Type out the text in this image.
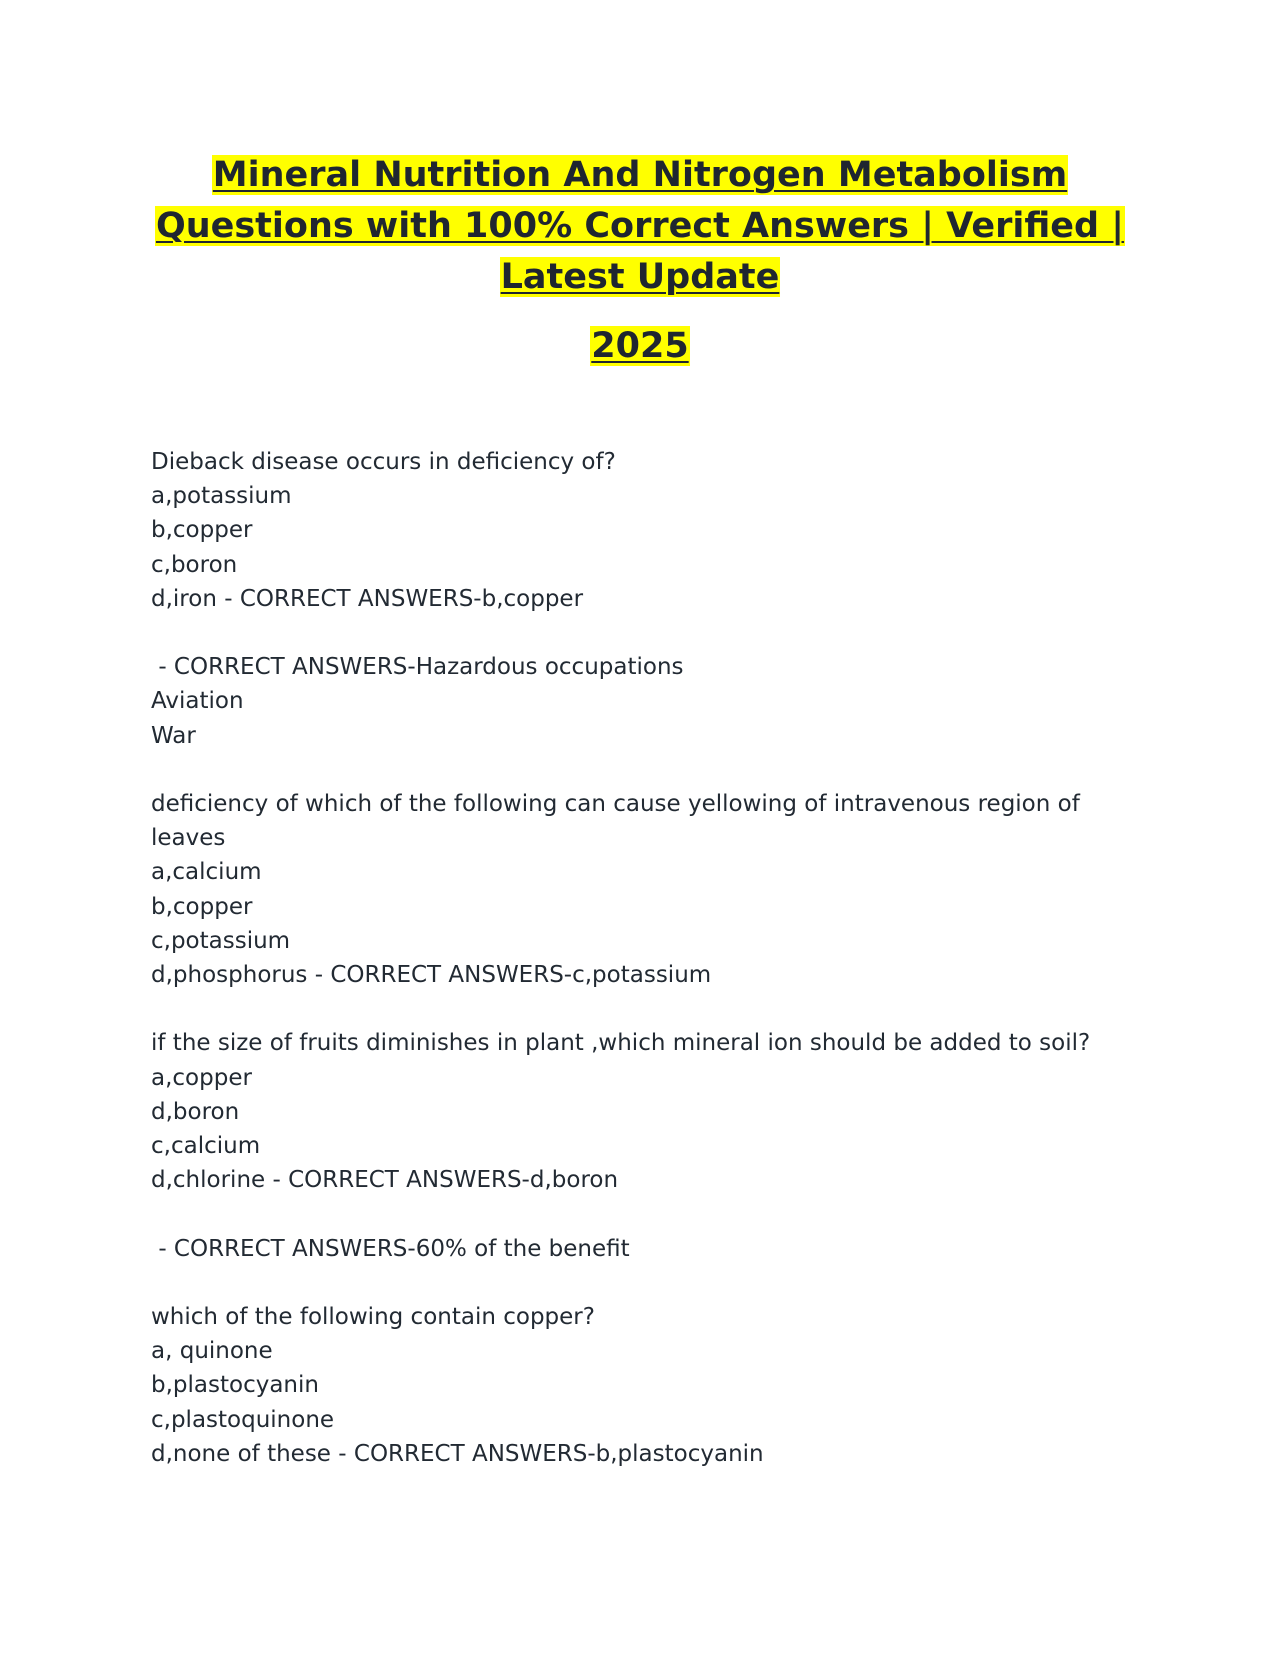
Mineral Nutrition And Nitrogen Metabolism
Questions with 100% Correct Answers | Verified |
Latest Update
2025
Dieback disease occurs in deficiency of?
a,potassium
b,copper
c,boron
d,iron - CORRECT ANSWERS-b,copper
- CORRECT ANSWERS-Hazardous occupations
Aviation
War
deficiency of which of the following can cause yellowing of intravenous region of leaves
a,calcium
b,copper
c,potassium
d,phosphorus - CORRECT ANSWERS-c,potassium
if the size of fruits diminishes in plant ,which mineral ion should be added to soil?
a,copper
d,boron
c,calcium
d,chlorine - CORRECT ANSWERS-d,boron
- CORRECT ANSWERS-60% of the benefit
which of the following contain copper?
a, quinone
b,plastocyanin
c,plastoquinone
d,none of these - CORRECT ANSWERS-b,plastocyanin
